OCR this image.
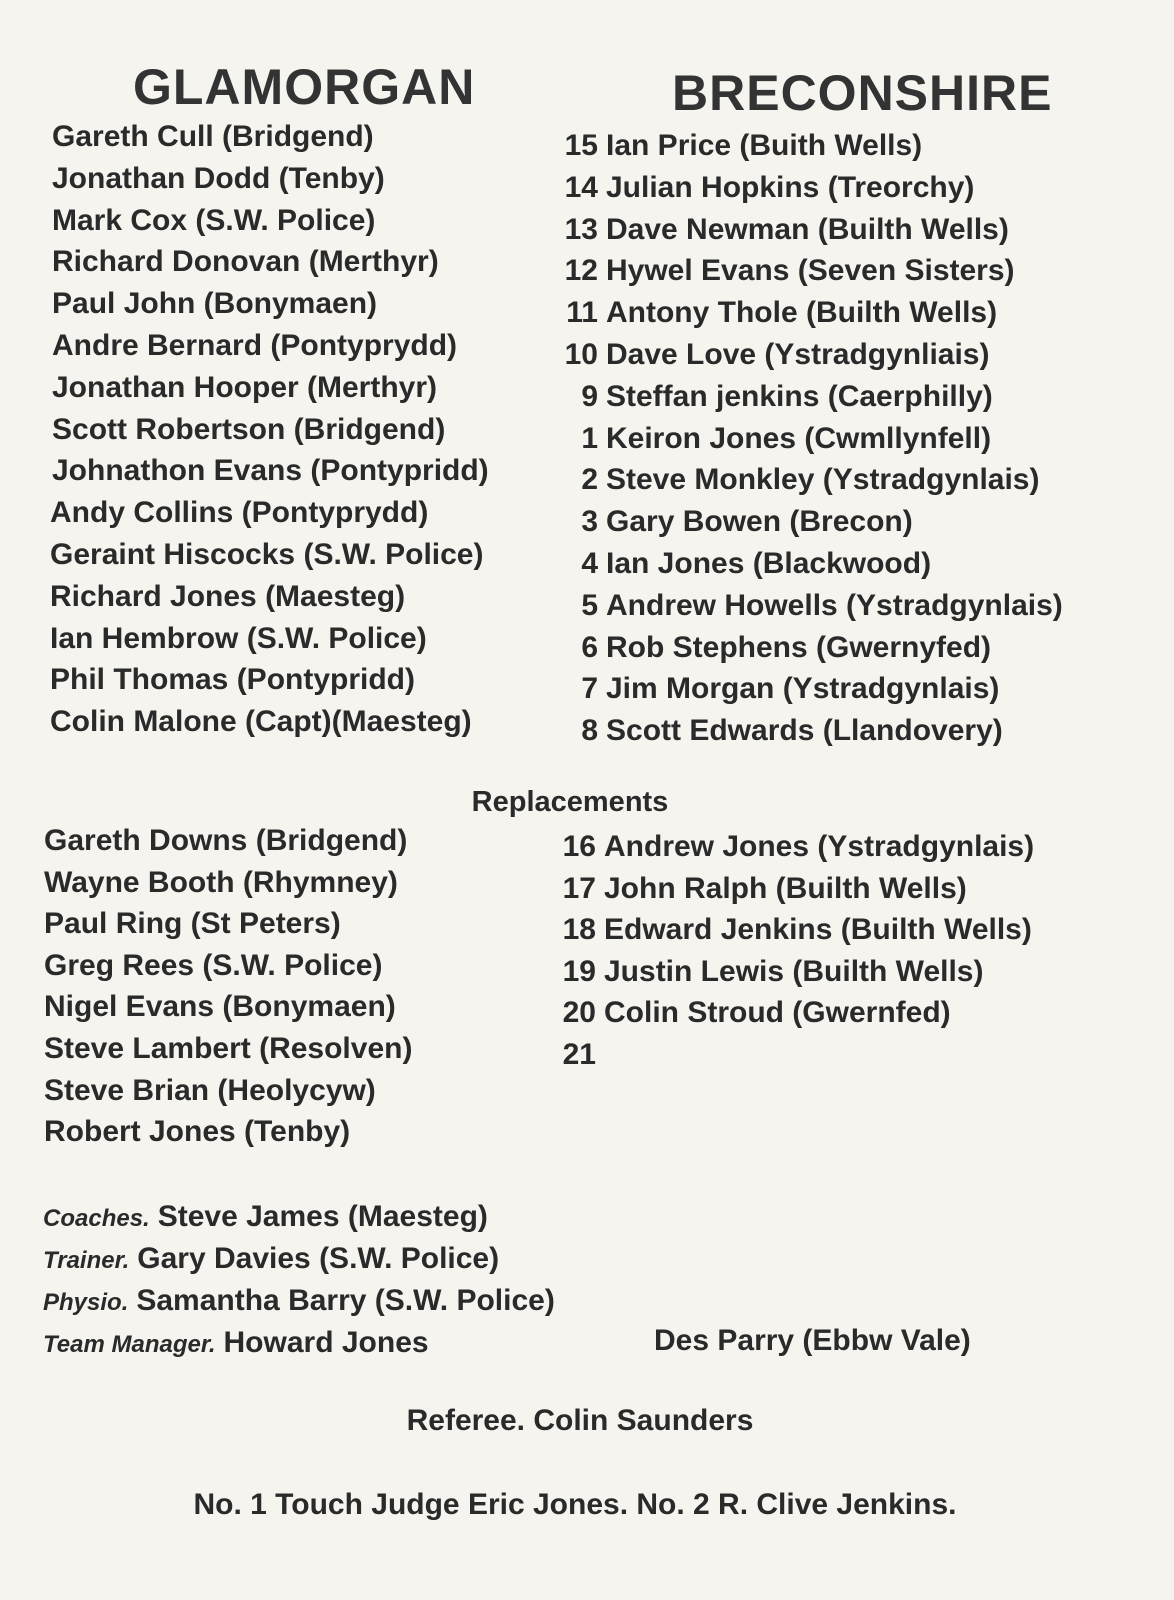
GLAMORGAN	BRECONSHIRE
Gareth Cull (Bridgend)
Jonathan Dodd (Tenby)
Mark Cox (S.W. Police)
Richard Donovan (Merthyr)
Paul John (Bonymaen)
Andre Bernard (Pontyprydd)
Jonathan Hooper (Merthyr)
Scott Robertson (Bridgend)
Johnathon Evans (Pontypridd)
Andy Collins (Pontyprydd)
Geraint Hiscocks (S.W. Police)
Richard Jones (Maesteg)
Ian Hembrow (S.W. Police)
Phil Thomas (Pontypridd)
Colin Malone (Capt)(Maesteg)
15 Ian Price (Buith Wells)
14 Julian Hopkins (Treorchy)
13 Dave Newman (Builth Wells)
12 Hywel Evans (Seven Sisters)
11 Antony Thole (Builth Wells)
10 Dave Love (Ystradgynliais)
9 Steffan jenkins (Caerphilly)
1 Keiron Jones (Cwmllynfell)
2 Steve Monkley (Ystradgynlais)
3 Gary Bowen (Brecon)
4 Ian Jones (Blackwood)
5 Andrew Howells (Ystradgynlais)
6 Rob Stephens (Gwernyfed)
7 Jim Morgan (Ystradgynlais)
8 Scott Edwards (Llandovery)
Replacements
Gareth Downs (Bridgend)
Wayne Booth (Rhymney)
Paul Ring (St Peters)
Greg Rees (S.W. Police)
Nigel Evans (Bonymaen)
Steve Lambert (Resolven)
Steve Brian (Heolycyw)
Robert Jones (Tenby)
16 Andrew Jones (Ystradgynlais)
17 John Ralph (Builth Wells)
18 Edward Jenkins (Builth Wells)
19 Justin Lewis (Builth Wells)
20 Colin Stroud (Gwernfed)
21
Coaches. Steve James (Maesteg)
Trainer. Gary Davies (S.W. Police)
Physio. Samantha Barry (S.W. Police)
Team Manager. Howard Jones	Des Parry (Ebbw Vale)
Referee. Colin Saunders
No. 1 Touch Judge Eric Jones. No. 2 R. Clive Jenkins.
